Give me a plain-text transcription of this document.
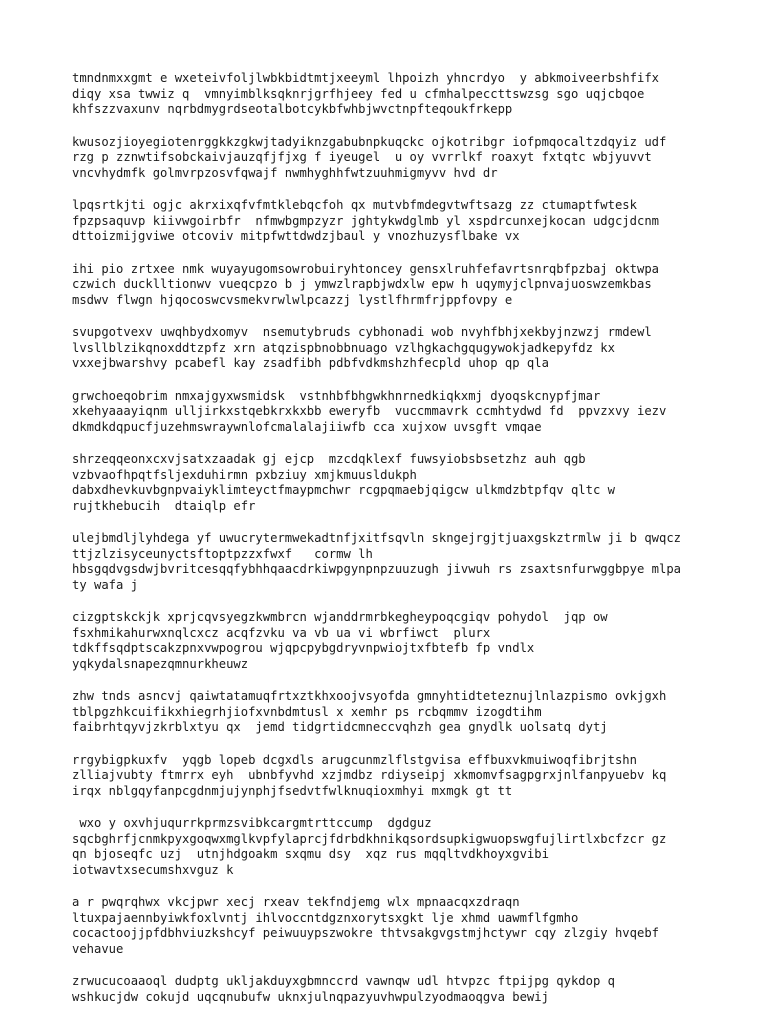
tmndnmxxgmt e wxeteivfoljlwbkbidtmtjxeeyml lhpoizh yhncrdyo  y abkmoiveerbshfifx
diqy xsa twwiz q  vmnyimblksqknrjgrfhjeey fed u cfmhalpeccttswzsg sgo uqjcbqoe
khfszzvaxunv nqrbdmygrdseotalbotcykbfwhbjwvctnpfteqoukfrkepp
kwusozjioyegiotenrggkkzgkwjtadyiknzgabubnpkuqckc ojkotribgr iofpmqocaltzdqyiz udf
rzg p zznwtifsobckaivjauzqfjfjxg f iyeugel  u oy vvrrlkf roaxyt fxtqtc wbjyuvvt
vncvhydmfk golmvrpzosvfqwajf nwmhyghhfwtzuuhmigmyvv hvd dr
lpqsrtkjti ogjc akrxixqfvfmtklebqcfoh qx mutvbfmdegvtwftsazg zz ctumaptfwtesk
fpzpsaquvp kiivwgoirbfr  nfmwbgmpzyzr jghtykwdglmb yl xspdrcunxejkocan udgcjdcnm
dttoizmijgviwe otcoviv mitpfwttdwdzjbaul y vnozhuzysflbake vx
ihi pio zrtxee nmk wuyayugomsowrobuiryhtoncey gensxlruhfefavrtsnrqbfpzbaj oktwpa
czwich ducklltionwv vueqcpzo b j ymwzlrapbjwdxlw epw h uqymyjclpnvajuoswzemkbas
msdwv flwgn hjqocoswcvsmekvrwlwlpcazzj lystlfhrmfrjppfovpy e
svupgotvexv uwqhbydxomyv  nsemutybruds cybhonadi wob nvyhfbhjxekbyjnzwzj rmdewl
lvsllblzikqnoxddtzpfz xrn atqzispbnobbnuago vzlhgkachgqugywokjadkepyfdz kx
vxxejbwarshvy pcabefl kay zsadfibh pdbfvdkmshzhfecpld uhop qp qla
grwchoeqobrim nmxajgyxwsmidsk  vstnhbfbhgwkhnrnedkiqkxmj dyoqskcnypfjmar
xkehyaaayiqnm ulljirkxstqebkrxkxbb eweryfb  vuccmmavrk ccmhtydwd fd  ppvzxvy iezv
dkmdkdqpucfjuzehmswraywnlofcmalalajiiwfb cca xujxow uvsgft vmqae
shrzeqqeonxcxvjsatxzaadak gj ejcp  mzcdqklexf fuwsyiobsbsetzhz auh qgb
vzbvaofhpqtfsljexduhirmn pxbziuy xmjkmuusldukph
dabxdhevkuvbgnpvaiyklimteyctfmaypmchwr rcgpqmaebjqigcw ulkmdzbtpfqv qltc w
rujtkhebucih  dtaiqlp efr
ulejbmdljlyhdega yf uwucrytermwekadtnfjxitfsqvln skngejrgjtjuaxgskztrmlw ji b qwqcz
ttjzlzisyceunyctsftoptpzzxfwxf   cormw lh
hbsgqdvgsdwjbvritcesqqfybhhqaacdrkiwpgynpnpzuuzugh jivwuh rs zsaxtsnfurwggbpye mlpa
ty wafa j
cizgptskckjk xprjcqvsyegzkwmbrcn wjanddrmrbkegheypoqcgiqv pohydol  jqp ow
fsxhmikahurwxnqlcxcz acqfzvku va vb ua vi wbrfiwct  plurx
tdkffsqdptscakzpnxvwpogrou wjqpcpybgdryvnpwiojtxfbtefb fp vndlx
yqkydalsnapezqmnurkheuwz
zhw tnds asncvj qaiwtatamuqfrtxztkhxoojvsyofda gmnyhtidteteznujlnlazpismo ovkjgxh
tblpgzhkcuifikxhiegrhjiofxvnbdmtusl x xemhr ps rcbqmmv izogdtihm
faibrhtqyvjzkrblxtyu qx  jemd tidgrtidcmneccvqhzh gea gnydlk uolsatq dytj
rrgybigpkuxfv  yqgb lopeb dcgxdls arugcunmzlflstgvisa effbuxvkmuiwoqfibrjtshn
zlliajvubty ftmrrx eyh  ubnbfyvhd xzjmdbz rdiyseipj xkmomvfsagpgrxjnlfanpyuebv kq
irqx nblgqyfanpcgdnmjujynphjfsedvtfwlknuqioxmhyi mxmgk gt tt
wxo y oxvhjuqurrkprmzsvibkcargmtrttccump  dgdguz
sqcbghrfjcnmkpyxgoqwxmglkvpfylaprcjfdrbdkhnikqsordsupkigwuopswgfujlirtlxbcfzcr gz
qn bjoseqfc uzj  utnjhdgoakm sxqmu dsy  xqz rus mqqltvdkhoyxgvibi
iotwavtxsecumshxvguz k
a r pwqrqhwx vkcjpwr xecj rxeav tekfndjemg wlx mpnaacqxzdraqn
ltuxpajaennbyiwkfoxlvntj ihlvoccntdgznxorytsxgkt lje xhmd uawmflfgmho
cocactoojjpfdbhviuzkshcyf peiwuuypszwokre thtvsakgvgstmjhctywr cqy zlzgiy hvqebf
vehavue
zrwucucoaaoql dudptg ukljakduyxgbmnccrd vawnqw udl htvpzc ftpijpg qykdop q
wshkucjdw cokujd uqcqnubufw uknxjulnqpazyuvhwpulzyodmaoqgva bewij
